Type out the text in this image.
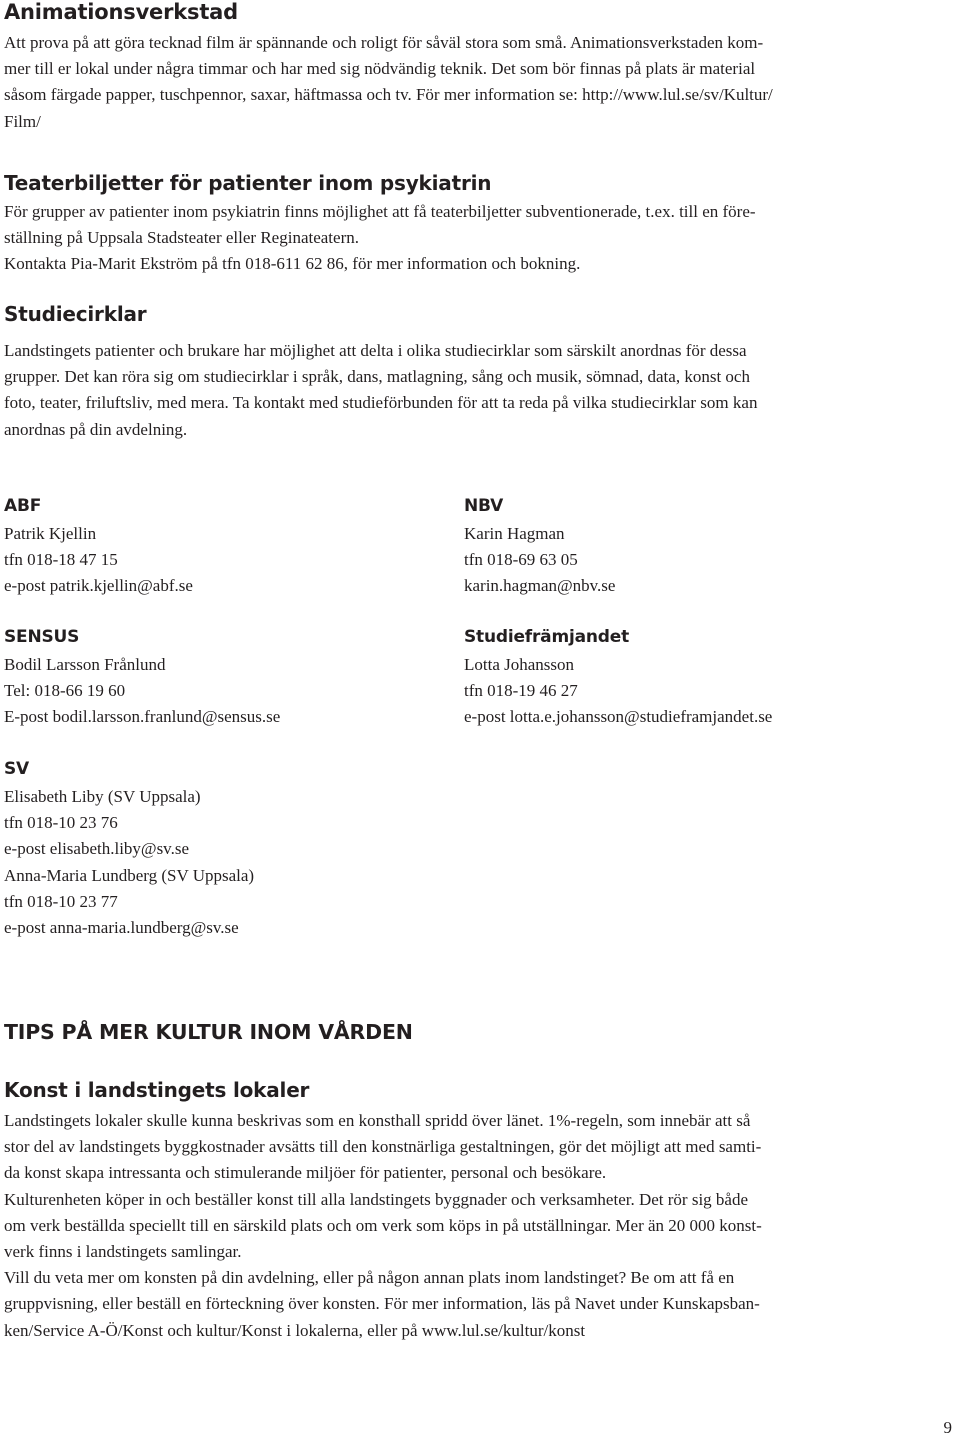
Animationsverkstad

Att prova på att göra tecknad film är spännande och roligt för såväl stora som små. Animationsverkstaden kom-

mer till er lokal under några timmar och har med sig nödvändig teknik. Det som bör finnas på plats är material

såsom färgade papper, tuschpennor, saxar, häftmassa och tv. För mer information se: http://www.lul.se/sv/Kultur/

Film/

Teaterbiljetter för patienter inom psykiatrin

För grupper av patienter inom psykiatrin finns möjlighet att få teaterbiljetter subventionerade, t.ex. till en före-

ställning på Uppsala Stadsteater eller Reginateatern.

Kontakta Pia-Marit Ekström på tfn 018-611 62 86, för mer information och bokning.

Studiecirklar

Landstingets patienter och brukare har möjlighet att delta i olika studiecirklar som särskilt anordnas för dessa

grupper. Det kan röra sig om studiecirklar i språk, dans, matlagning, sång och musik, sömnad, data, konst och

foto, teater, friluftsliv, med mera. Ta kontakt med studieförbunden för att ta reda på vilka studiecirklar som kan

anordnas på din avdelning.

ABF

Patrik Kjellin

tfn 018-18 47 15

e-post patrik.kjellin@abf.se

NBV

Karin Hagman

tfn 018-69 63 05

karin.hagman@nbv.se

SENSUS

Bodil Larsson Frånlund

Tel: 018-66 19 60

E-post bodil.larsson.franlund@sensus.se

Studiefrämjandet

Lotta Johansson

tfn 018-19 46 27

e-post lotta.e.johansson@studieframjandet.se

SV

Elisabeth Liby (SV Uppsala)

tfn 018-10 23 76

e-post elisabeth.liby@sv.se

Anna-Maria Lundberg (SV Uppsala)

tfn 018-10 23 77

e-post anna-maria.lundberg@sv.se

TIPS PÅ MER KULTUR INOM VÅRDEN
Konst i landstingets lokaler

Landstingets lokaler skulle kunna beskrivas som en konsthall spridd över länet. 1%-regeln, som innebär att så

stor del av landstingets byggkostnader avsätts till den konstnärliga gestaltningen, gör det möjligt att med samti-

da konst skapa intressanta och stimulerande miljöer för patienter, personal och besökare.

Kulturenheten köper in och beställer konst till alla landstingets byggnader och verksamheter. Det rör sig både

om verk beställda speciellt till en särskild plats och om verk som köps in på utställningar. Mer än 20 000 konst-

verk finns i landstingets samlingar.

Vill du veta mer om konsten på din avdelning, eller på någon annan plats inom landstinget? Be om att få en

gruppvisning, eller beställ en förteckning över konsten. För mer information, läs på Navet under Kunskapsban-

ken/Service A-Ö/Konst och kultur/Konst i lokalerna, eller på www.lul.se/kultur/konst

9
